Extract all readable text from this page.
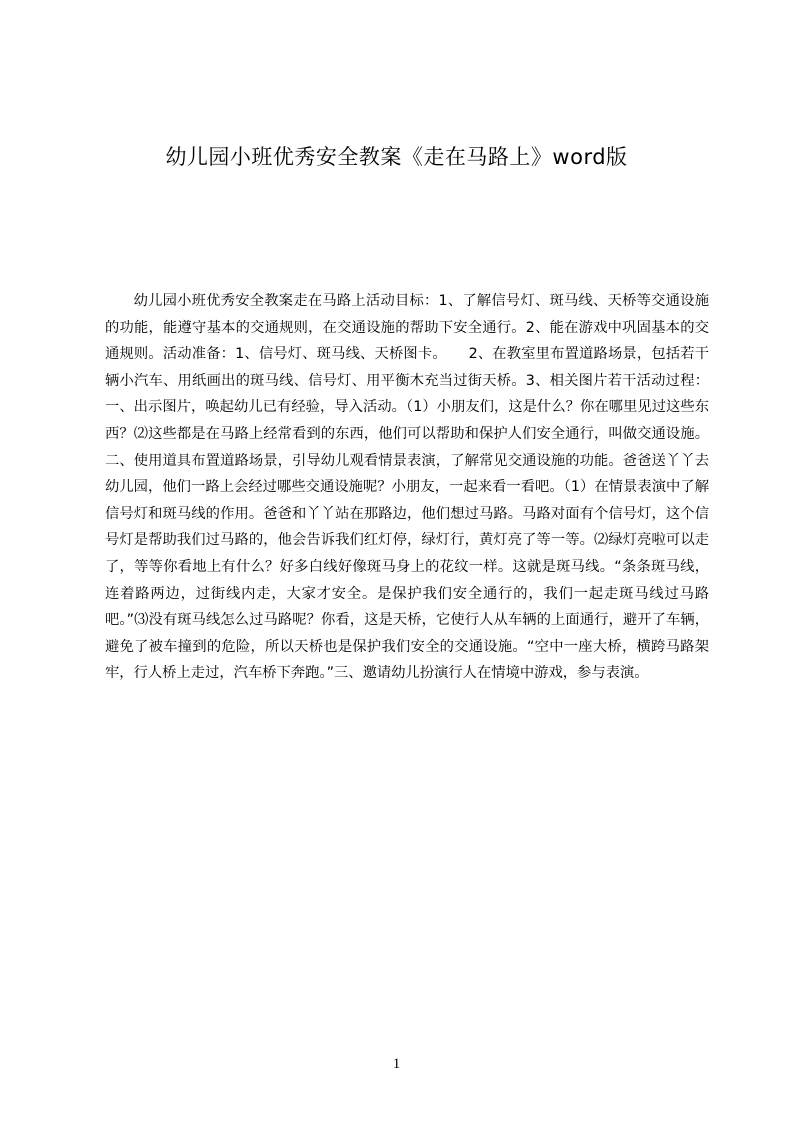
幼儿园小班优秀安全教案《走在马路上》word版

幼儿园小班优秀安全教案走在马路上活动目标：1、了解信号灯、斑马线、天桥等交通设施的功能，能遵守基本的交通规则，在交通设施的帮助下安全通行。2、能在游戏中巩固基本的交通规则。活动准备：1、信号灯、斑马线、天桥图卡。　　2、在教室里布置道路场景，包括若干辆小汽车、用纸画出的斑马线、信号灯、用平衡木充当过街天桥。3、相关图片若干活动过程：一、出示图片，唤起幼儿已有经验，导入活动。（1）小朋友们，这是什么？你在哪里见过这些东西？⑵这些都是在马路上经常看到的东西，他们可以帮助和保护人们安全通行，叫做交通设施。二、使用道具布置道路场景，引导幼儿观看情景表演，了解常见交通设施的功能。爸爸送丫丫去幼儿园，他们一路上会经过哪些交通设施呢？小朋友，一起来看一看吧。（1）在情景表演中了解信号灯和斑马线的作用。爸爸和丫丫站在那路边，他们想过马路。马路对面有个信号灯，这个信号灯是帮助我们过马路的，他会告诉我们红灯停，绿灯行，黄灯亮了等一等。⑵绿灯亮啦可以走了，等等你看地上有什么？好多白线好像斑马身上的花纹一样。这就是斑马线。“条条斑马线，连着路两边，过街线内走，大家才安全。是保护我们安全通行的，我们一起走斑马线过马路吧。”⑶没有斑马线怎么过马路呢？你看，这是天桥，它使行人从车辆的上面通行，避开了车辆，避免了被车撞到的危险，所以天桥也是保护我们安全的交通设施。“空中一座大桥，横跨马路架牢，行人桥上走过，汽车桥下奔跑。”三、邀请幼儿扮演行人在情境中游戏，参与表演。

1
